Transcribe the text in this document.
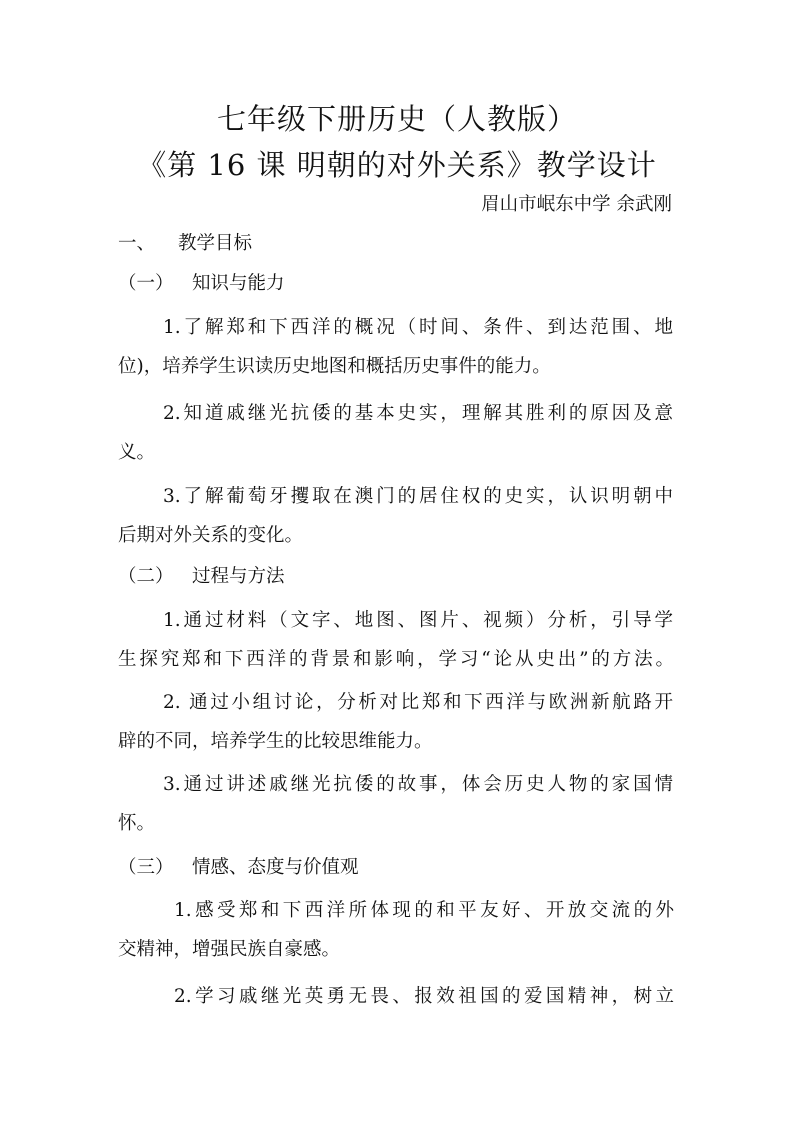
七年级下册历史（人教版）
《第 16 课 明朝的对外关系》教学设计
眉山市岷东中学 余武刚
一、 教学目标
（一） 知识与能力
1.了解郑和下西洋的概况（时间、条件、到达范围、地
位)，培养学生识读历史地图和概括历史事件的能力。
2.知道戚继光抗倭的基本史实，理解其胜利的原因及意
义。
3.了解葡萄牙攫取在澳门的居住权的史实，认识明朝中
后期对外关系的变化。
（二） 过程与方法
1.通过材料（文字、地图、图片、视频）分析，引导学
生探究郑和下西洋的背景和影响，学习“论从史出”的方法。
2. 通过小组讨论，分析对比郑和下西洋与欧洲新航路开
辟的不同，培养学生的比较思维能力。
3.通过讲述戚继光抗倭的故事，体会历史人物的家国情
怀。
（三） 情感、态度与价值观
1.感受郑和下西洋所体现的和平友好、开放交流的外
交精神，增强民族自豪感。
2.学习戚继光英勇无畏、报效祖国的爱国精神，树立
